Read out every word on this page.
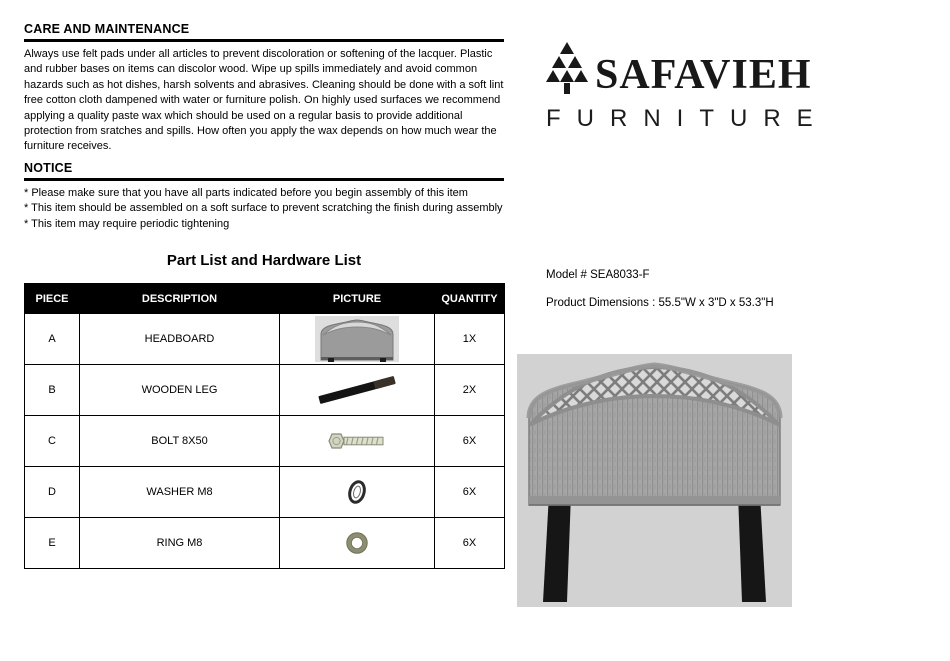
CARE AND MAINTENANCE
Always use felt pads under all articles to prevent discoloration or softening of the lacquer. Plastic and rubber bases on items can discolor wood. Wipe up spills immediately and avoid common hazards such as hot dishes, harsh solvents and abrasives. Cleaning should be done with a soft lint free cotton cloth dampened with water or furniture polish. On highly used surfaces we recommend applying a quality paste wax which should be used on a regular basis to provide additional protection from sratches and spills. How often you apply the wax depends on how much wear the furniture receives.
NOTICE
* Please make sure that you have all parts indicated before you begin assembly of this item
* This item should be assembled on a soft surface to prevent scratching the finish during assembly
* This item may require periodic tightening
Part List and Hardware List
PIECE	DESCRIPTION	PICTURE	QUANTITY
A	HEADBOARD		1X
B	WOODEN LEG		2X
C	BOLT 8X50		6X
D	WASHER M8		6X
E	RING M8		6X
SAFAVIEH
FURNITURE
Model # SEA8033-F
Product Dimensions : 55.5"W x 3"D x 53.3"H
